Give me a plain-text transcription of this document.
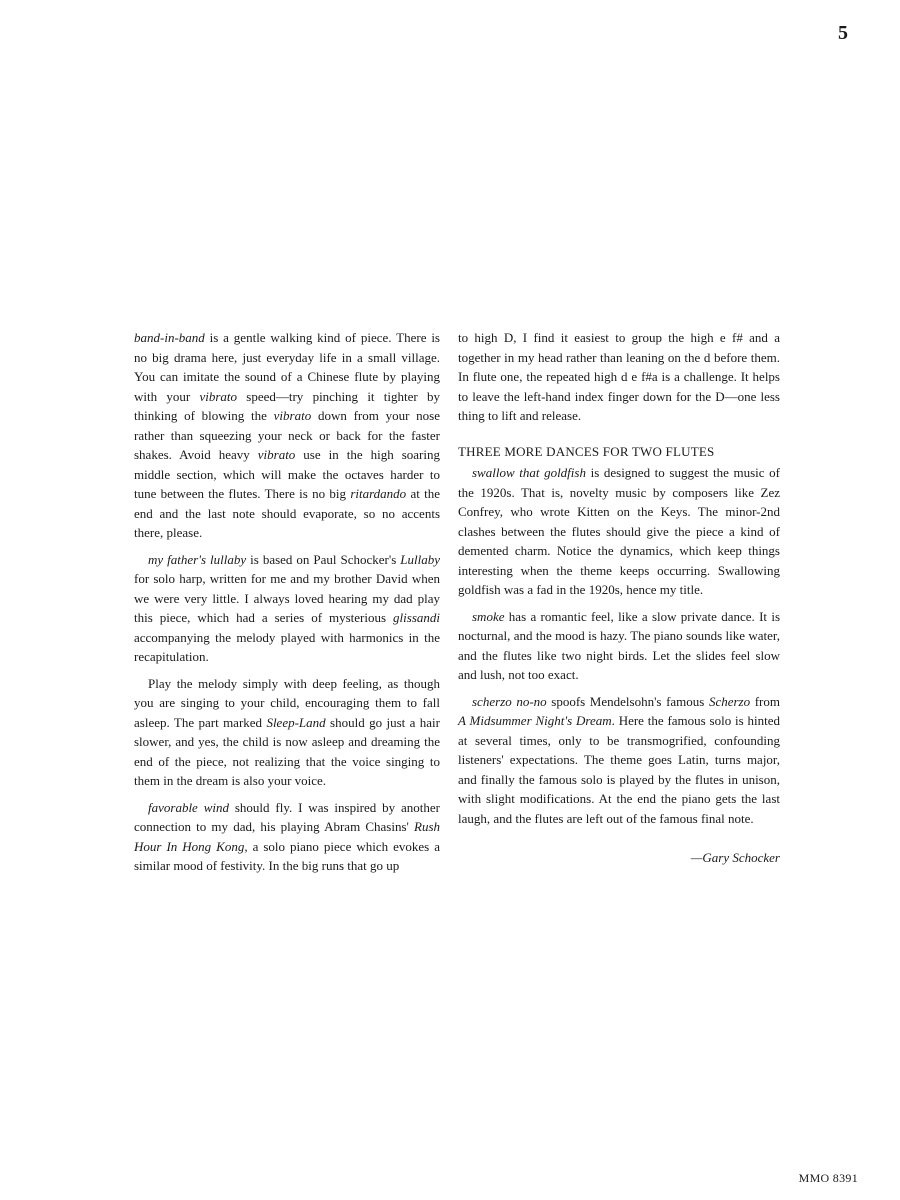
5

band-in-band is a gentle walking kind of piece. There is no big drama here, just everyday life in a small village. You can imitate the sound of a Chinese flute by playing with your vibrato speed—try pinching it tighter by thinking of blowing the vibrato down from your nose rather than squeezing your neck or back for the faster shakes. Avoid heavy vibrato use in the high soaring middle section, which will make the octaves harder to tune between the flutes. There is no big ritardando at the end and the last note should evaporate, so no accents there, please.

my father's lullaby is based on Paul Schocker's Lullaby for solo harp, written for me and my brother David when we were very little. I always loved hearing my dad play this piece, which had a series of mysterious glissandi accompanying the melody played with harmonics in the recapitulation.

Play the melody simply with deep feeling, as though you are singing to your child, encouraging them to fall asleep. The part marked Sleep-Land should go just a hair slower, and yes, the child is now asleep and dreaming the end of the piece, not realizing that the voice singing to them in the dream is also your voice.

favorable wind should fly. I was inspired by another connection to my dad, his playing Abram Chasins' Rush Hour In Hong Kong, a solo piano piece which evokes a similar mood of festivity. In the big runs that go up

to high D, I find it easiest to group the high e f# and a together in my head rather than leaning on the d before them. In flute one, the repeated high d e f#a is a challenge. It helps to leave the left-hand index finger down for the D—one less thing to lift and release.

THREE MORE DANCES FOR TWO FLUTES

swallow that goldfish is designed to suggest the music of the 1920s. That is, novelty music by composers like Zez Confrey, who wrote Kitten on the Keys. The minor-2nd clashes between the flutes should give the piece a kind of demented charm. Notice the dynamics, which keep things interesting when the theme keeps occurring. Swallowing goldfish was a fad in the 1920s, hence my title.

smoke has a romantic feel, like a slow private dance. It is nocturnal, and the mood is hazy. The piano sounds like water, and the flutes like two night birds. Let the slides feel slow and lush, not too exact.

scherzo no-no spoofs Mendelsohn's famous Scherzo from A Midsummer Night's Dream. Here the famous solo is hinted at several times, only to be transmogrified, confounding listeners' expectations. The theme goes Latin, turns major, and finally the famous solo is played by the flutes in unison, with slight modifications. At the end the piano gets the last laugh, and the flutes are left out of the famous final note.

—Gary Schocker
MMO 8391
